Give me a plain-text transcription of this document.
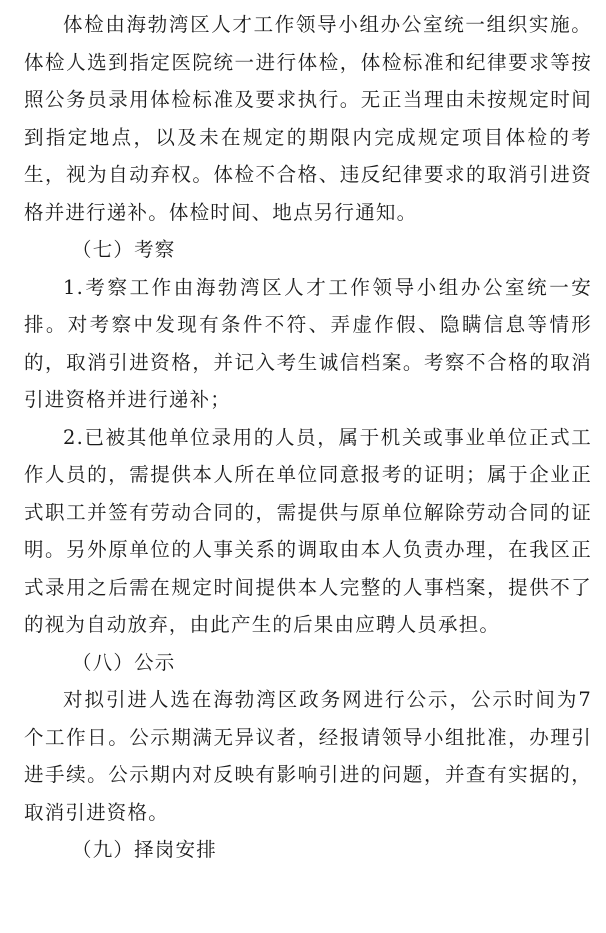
体检由海勃湾区人才工作领导小组办公室统一组织实施。体检人选到指定医院统一进行体检，体检标准和纪律要求等按照公务员录用体检标准及要求执行。无正当理由未按规定时间到指定地点，以及未在规定的期限内完成规定项目体检的考生，视为自动弃权。体检不合格、违反纪律要求的取消引进资格并进行递补。体检时间、地点另行通知。

（七）考察

1.考察工作由海勃湾区人才工作领导小组办公室统一安排。对考察中发现有条件不符、弄虚作假、隐瞒信息等情形的，取消引进资格，并记入考生诚信档案。考察不合格的取消引进资格并进行递补；

2.已被其他单位录用的人员，属于机关或事业单位正式工作人员的，需提供本人所在单位同意报考的证明；属于企业正式职工并签有劳动合同的，需提供与原单位解除劳动合同的证明。另外原单位的人事关系的调取由本人负责办理，在我区正式录用之后需在规定时间提供本人完整的人事档案，提供不了的视为自动放弃，由此产生的后果由应聘人员承担。

（八）公示

对拟引进人选在海勃湾区政务网进行公示，公示时间为7个工作日。公示期满无异议者，经报请领导小组批准，办理引进手续。公示期内对反映有影响引进的问题，并查有实据的，取消引进资格。

（九）择岗安排
